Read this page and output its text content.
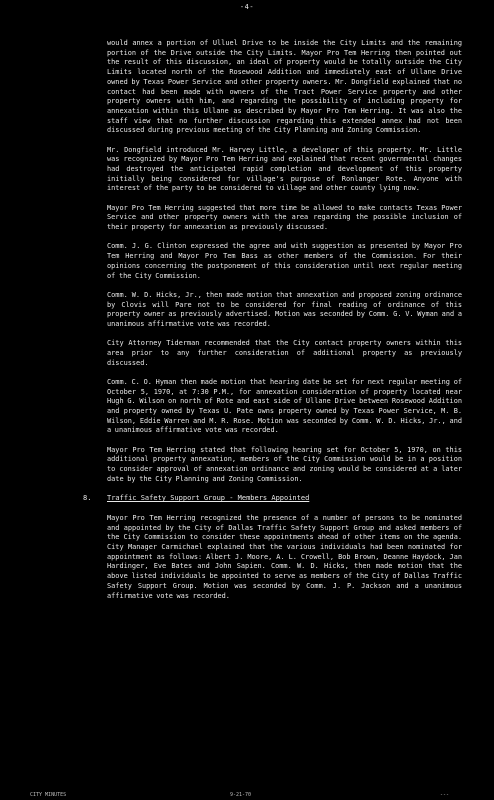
-4-

would annex a portion of Ulluel Drive to be inside the City Limits and the remaining portion of the Drive outside the City Limits. Mayor Pro Tem Herring then pointed out the result of this discussion, an ideal of property would be totally outside the City Limits located north of the Rosewood Addition and immediately east of Ullane Drive owned by Texas Power Service and other property owners. Mr. Dongfield explained that no contact had been made with owners of the Tract Power Service property and other property owners with him, and regarding the possibility of including property for annexation within this Ullane as described by Mayor Pro Tem Herring. It was also the staff view that no further discussion regarding this extended annex had not been discussed during previous meeting of the City Planning and Zoning Commission.

Mr. Dongfield introduced Mr. Harvey Little, a developer of this property. Mr. Little was recognized by Mayor Pro Tem Herring and explained that recent governmental changes had destroyed the anticipated rapid completion and development of this property initially being considered for village's purpose of Ronlanger Rote. Anyone with interest of the party to be considered to village and other county lying now.

Mayor Pro Tem Herring suggested that more time be allowed to make contacts Texas Power Service and other property owners with the area regarding the possible inclusion of their property for annexation as previously discussed.

Comm. J. G. Clinton expressed the agree and with suggestion as presented by Mayor Pro Tem Herring and Mayor Pro Tem Bass as other members of the Commission. For their opinions concerning the postponement of this consideration until next regular meeting of the City Commission.

Comm. W. D. Hicks, Jr., then made motion that annexation and proposed zoning ordinance by Clovis will Pare not to be considered for final reading of ordinance of this property owner as previously advertised. Motion was seconded by Comm. G. V. Wyman and a unanimous affirmative vote was recorded.

City Attorney Tiderman recommended that the City contact property owners within this area prior to any further consideration of additional property as previously discussed.

Comm. C. O. Hyman then made motion that hearing date be set for next regular meeting of October 5, 1970, at 7:30 P.M., for annexation consideration of property located near Hugh G. Wilson on north of Rote and east side of Ullane Drive between Rosewood Addition and property owned by Texas U. Pate owns property owned by Texas Power Service, M. B. Wilson, Eddie Warren and M. R. Rose. Motion was seconded by Comm. W. D. Hicks, Jr., and a unanimous affirmative vote was recorded.

Mayor Pro Tem Herring stated that following hearing set for October 5, 1970, on this additional property annexation, members of the City Commission would be in a position to consider approval of annexation ordinance and zoning would be considered at a later date by the City Planning and Zoning Commission.

8. Traffic Safety Support Group - Members Appointed

Mayor Pro Tem Herring recognized the presence of a number of persons to be nominated and appointed by the City of Dallas Traffic Safety Support Group and asked members of the City Commission to consider these appointments ahead of other items on the agenda. City Manager Carmichael explained that the various individuals had been nominated for appointment as follows: Albert J. Moore, A. L. Crowell, Bob Brown, Deanne Haydock, Jan Hardinger, Eve Bates and John Sapien. Comm. W. D. Hicks, then made motion that the above listed individuals be appointed to serve as members of the City of Dallas Traffic Safety Support Group. Motion was seconded by Comm. J. P. Jackson and a unanimous affirmative vote was recorded.

CITY MINUTES	9-21-70	---
